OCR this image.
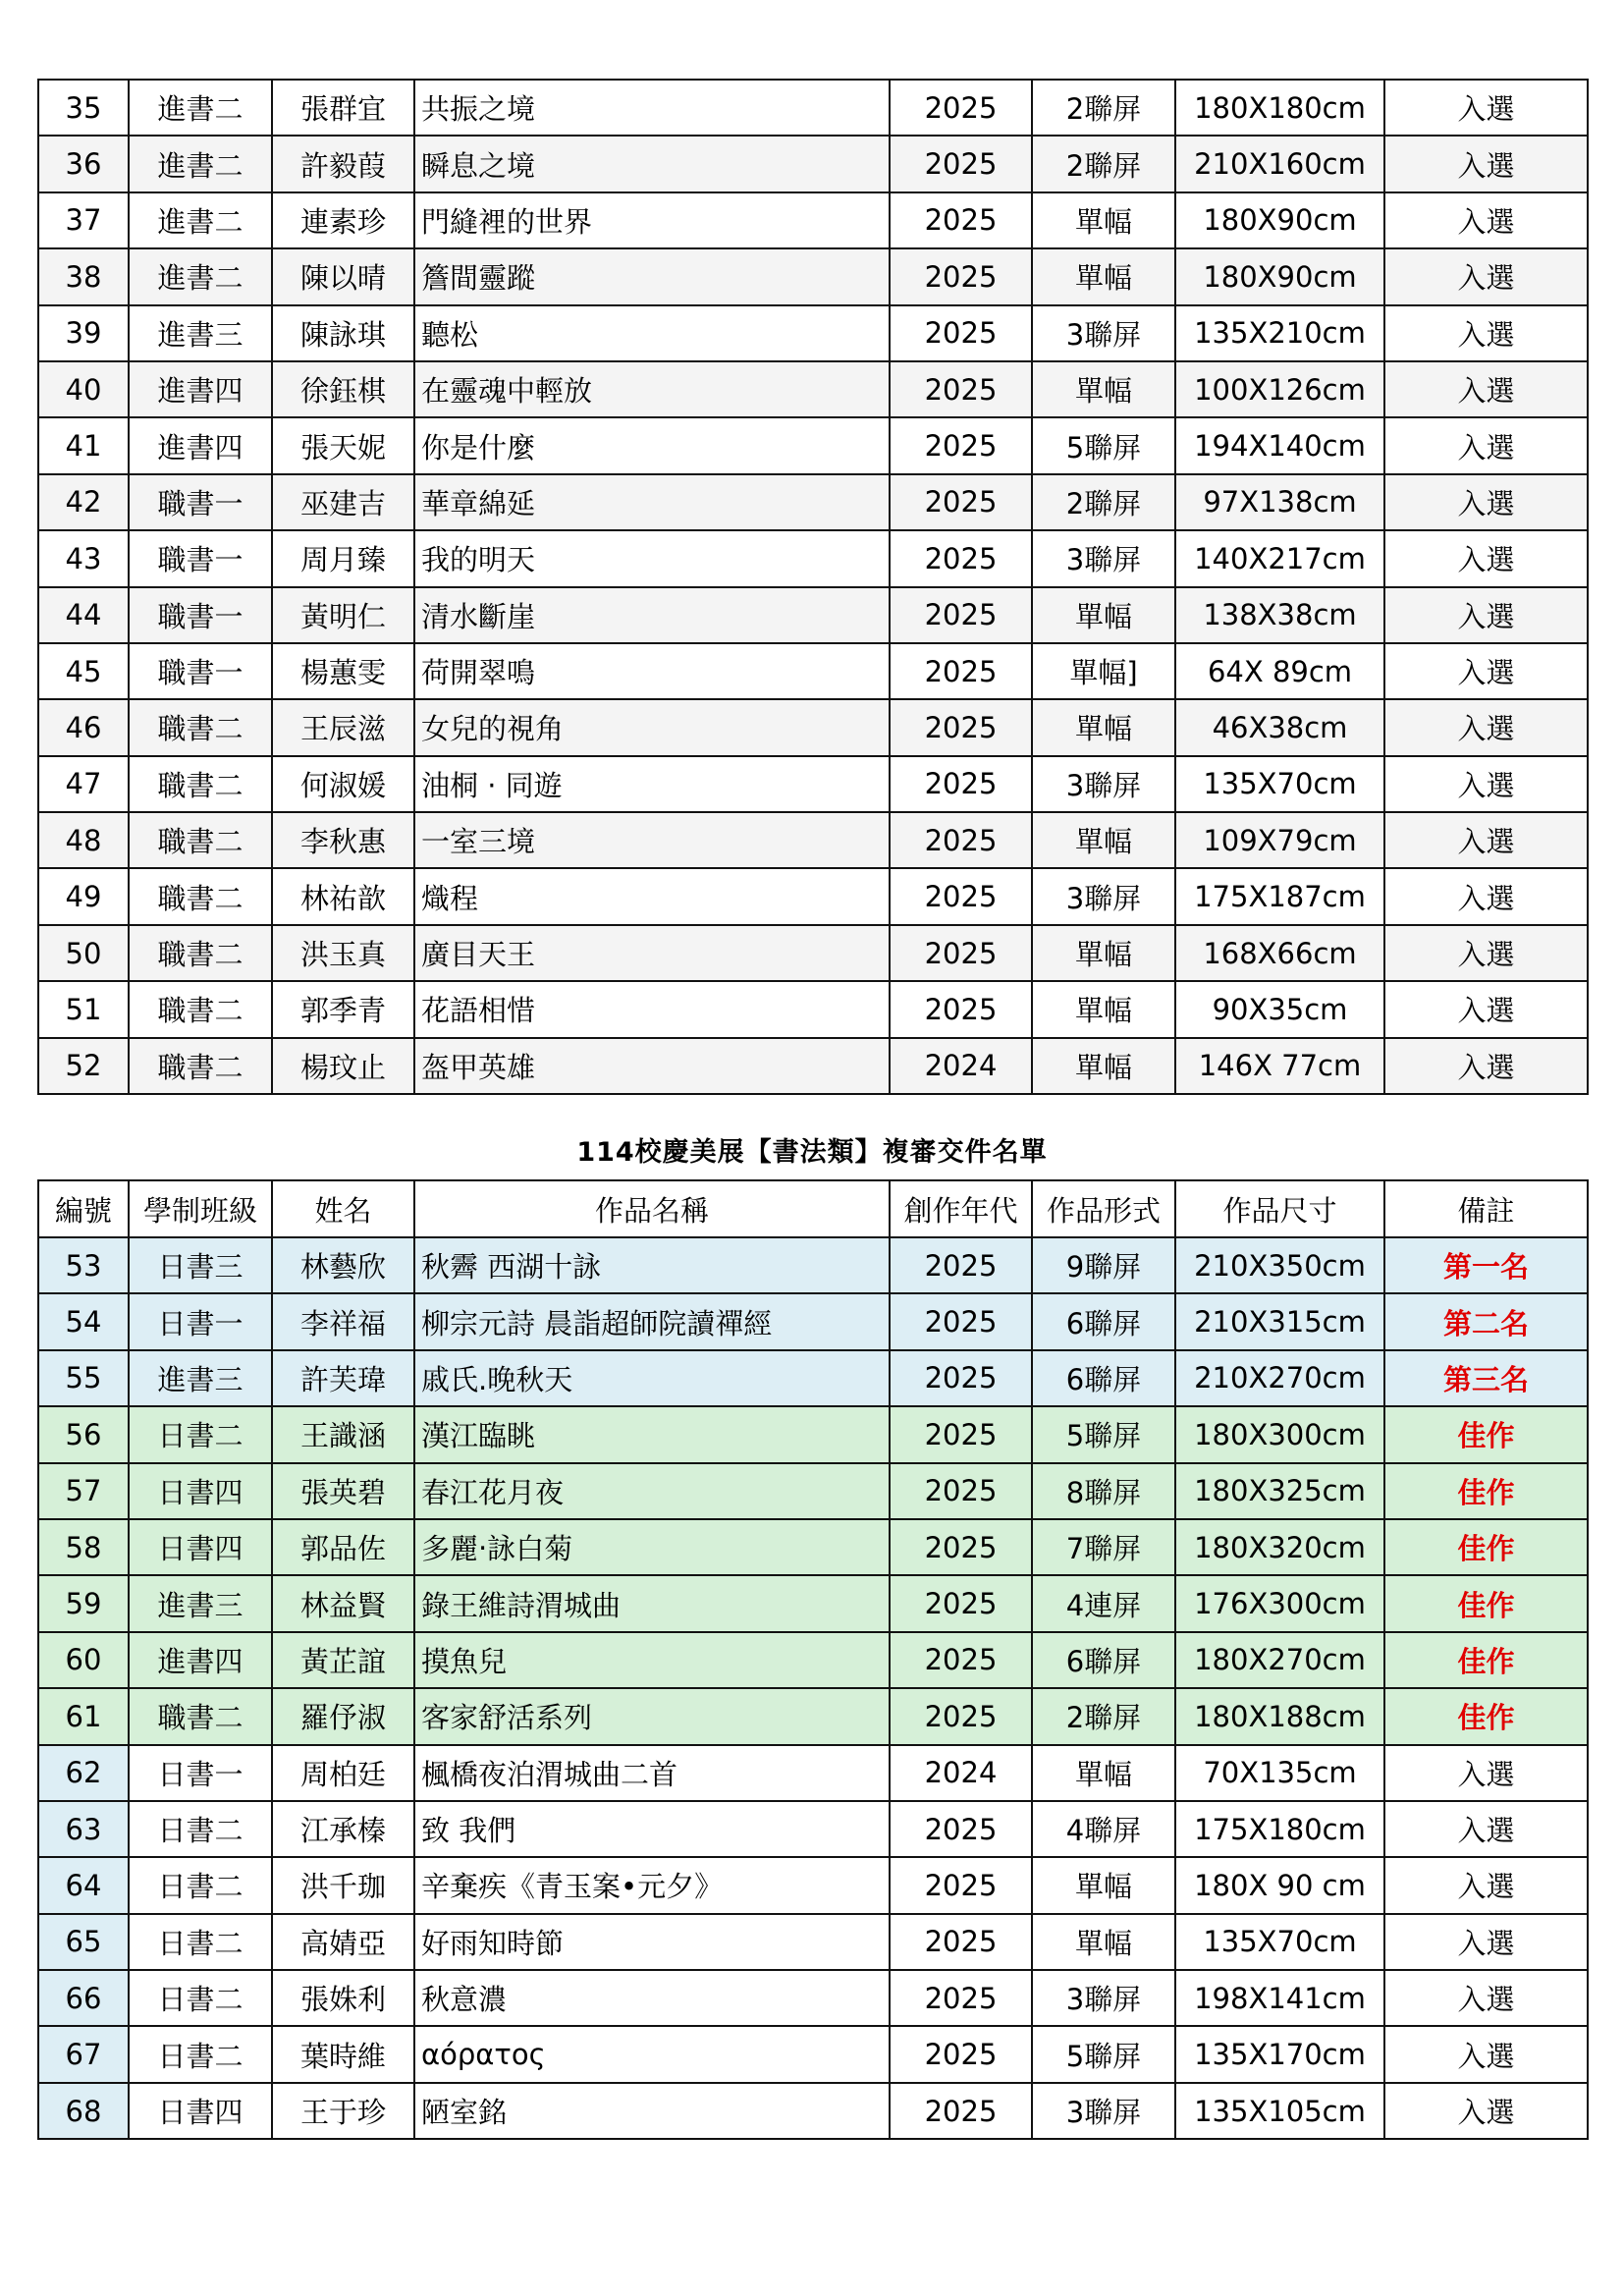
35	進書二	張群宜	共振之境	2025	2聯屏	180X180cm	入選
36	進書二	許毅葭	瞬息之境	2025	2聯屏	210X160cm	入選
37	進書二	連素珍	門縫裡的世界	2025	單幅	180X90cm	入選
38	進書二	陳以晴	簷間靈蹤	2025	單幅	180X90cm	入選
39	進書三	陳詠琪	聽松	2025	3聯屏	135X210cm	入選
40	進書四	徐鈺棋	在靈魂中輕放	2025	單幅	100X126cm	入選
41	進書四	張天妮	你是什麼	2025	5聯屏	194X140cm	入選
42	職書一	巫建吉	華章綿延	2025	2聯屏	97X138cm	入選
43	職書一	周月臻	我的明天	2025	3聯屏	140X217cm	入選
44	職書一	黃明仁	清水斷崖	2025	單幅	138X38cm	入選
45	職書一	楊蕙雯	荷開翠鳴	2025	單幅]	64X 89cm	入選
46	職書二	王辰滋	女兒的視角	2025	單幅	46X38cm	入選
47	職書二	何淑媛	油桐 · 同遊	2025	3聯屏	135X70cm	入選
48	職書二	李秋惠	一室三境	2025	單幅	109X79cm	入選
49	職書二	林祐歆	熾程	2025	3聯屏	175X187cm	入選
50	職書二	洪玉真	廣目天王	2025	單幅	168X66cm	入選
51	職書二	郭季青	花語相惜	2025	單幅	90X35cm	入選
52	職書二	楊玟止	盔甲英雄	2024	單幅	146X 77cm	入選
114校慶美展【書法類】複審交件名單
編號	學制班級	姓名	作品名稱	創作年代	作品形式	作品尺寸	備註
53	日書三	林藝欣	秋霽 西湖十詠	2025	9聯屏	210X350cm	第一名
54	日書一	李祥福	柳宗元詩 晨詣超師院讀禪經	2025	6聯屏	210X315cm	第二名
55	進書三	許芙瑋	戚氏.晚秋天	2025	6聯屏	210X270cm	第三名
56	日書二	王識涵	漢江臨眺	2025	5聯屏	180X300cm	佳作
57	日書四	張英碧	春江花月夜	2025	8聯屏	180X325cm	佳作
58	日書四	郭品佐	多麗‧詠白菊	2025	7聯屏	180X320cm	佳作
59	進書三	林益賢	錄王維詩渭城曲	2025	4連屏	176X300cm	佳作
60	進書四	黃芷誼	摸魚兒	2025	6聯屏	180X270cm	佳作
61	職書二	羅伃淑	客家舒活系列	2025	2聯屏	180X188cm	佳作
62	日書一	周柏廷	楓橋夜泊渭城曲二首	2024	單幅	70X135cm	入選
63	日書二	江承榛	致 我們	2025	4聯屏	175X180cm	入選
64	日書二	洪千珈	辛棄疾《青玉案•元夕》	2025	單幅	180X 90 cm	入選
65	日書二	高婧亞	好雨知時節	2025	單幅	135X70cm	入選
66	日書二	張姝利	秋意濃	2025	3聯屏	198X141cm	入選
67	日書二	葉時維	αόρατος	2025	5聯屏	135X170cm	入選
68	日書四	王于珍	陋室銘	2025	3聯屏	135X105cm	入選
